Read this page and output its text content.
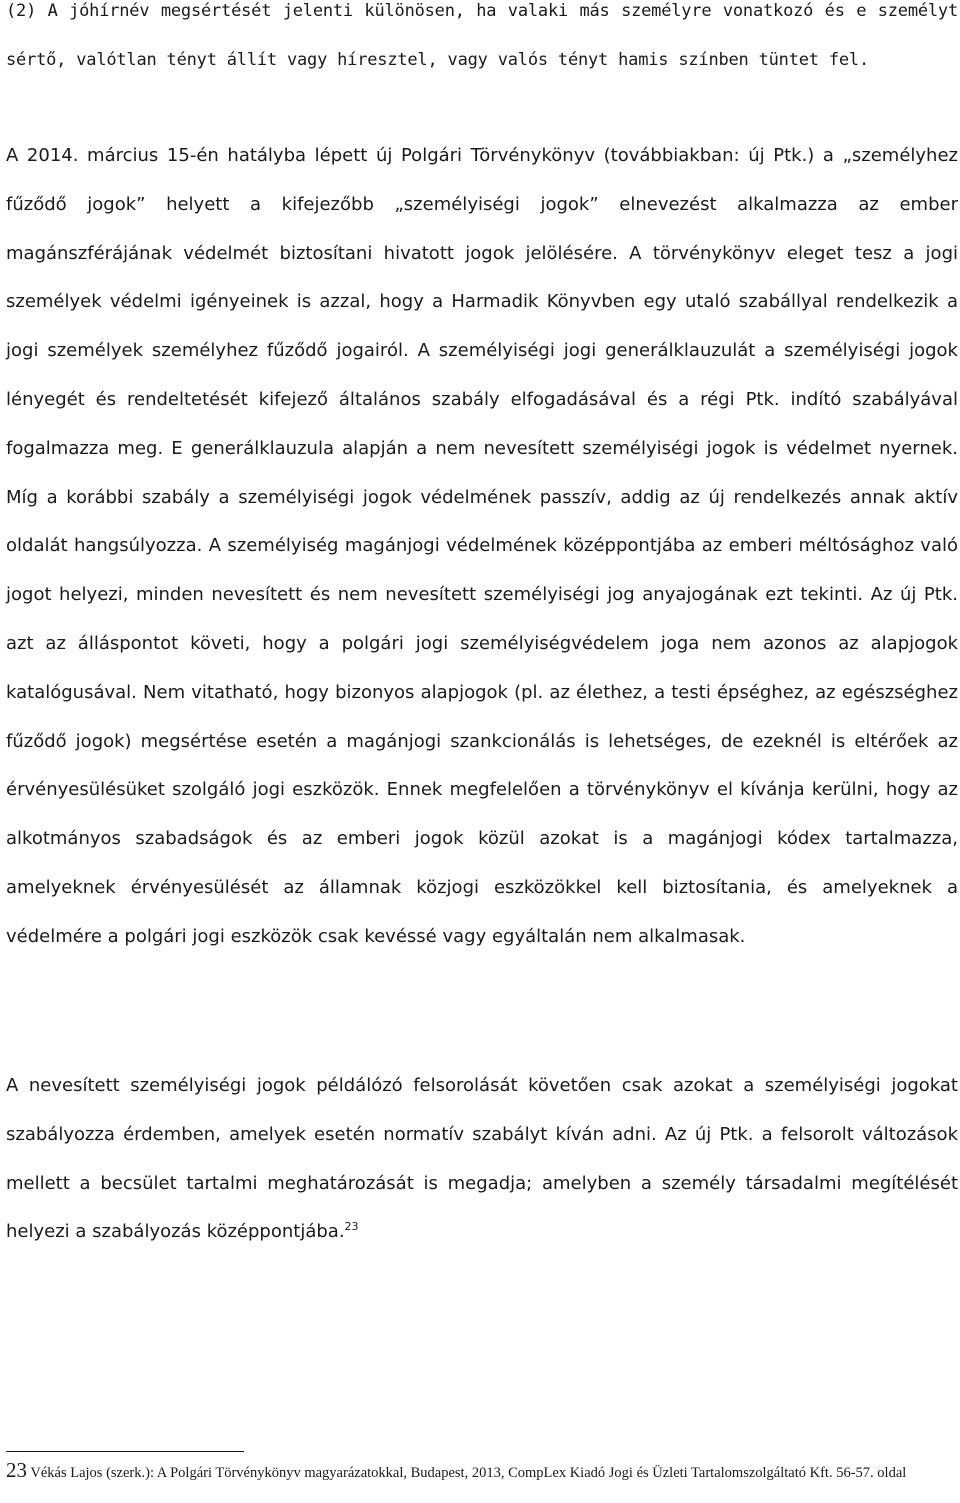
(2) A jóhírnév megsértését jelenti különösen, ha valaki más személyre vonatkozó és e személyt sértő, valótlan tényt állít vagy híresztel, vagy valós tényt hamis színben tüntet fel.

A 2014. március 15-én hatályba lépett új Polgári Törvénykönyv (továbbiakban: új Ptk.) a „személyhez fűződő jogok” helyett a kifejezőbb „személyiségi jogok” elnevezést alkalmazza az ember magánszférájának védelmét biztosítani hivatott jogok jelölésére. A törvénykönyv eleget tesz a jogi személyek védelmi igényeinek is azzal, hogy a Harmadik Könyvben egy utaló szabállyal rendelkezik a jogi személyek személyhez fűződő jogairól. A személyiségi jogi generálklauzulát a személyiségi jogok lényegét és rendeltetését kifejező általános szabály elfogadásával és a régi Ptk. indító szabályával fogalmazza meg. E generálklauzula alapján a nem nevesített személyiségi jogok is védelmet nyernek. Míg a korábbi szabály a személyiségi jogok védelmének passzív, addig az új rendelkezés annak aktív oldalát hangsúlyozza. A személyiség magánjogi védelmének középpontjába az emberi méltósághoz való jogot helyezi, minden nevesített és nem nevesített személyiségi jog anyajogának ezt tekinti. Az új Ptk. azt az álláspontot követi, hogy a polgári jogi személyiségvédelem joga nem azonos az alapjogok katalógusával. Nem vitatható, hogy bizonyos alapjogok (pl. az élethez, a testi épséghez, az egészséghez fűződő jogok) megsértése esetén a magánjogi szankcionálás is lehetséges, de ezeknél is eltérőek az érvényesülésüket szolgáló jogi eszközök. Ennek megfelelően a törvénykönyv el kívánja kerülni, hogy az alkotmányos szabadságok és az emberi jogok közül azokat is a magánjogi kódex tartalmazza, amelyeknek érvényesülését az államnak közjogi eszközökkel kell biztosítania, és amelyeknek a védelmére a polgári jogi eszközök csak kevéssé vagy egyáltalán nem alkalmasak.

A nevesített személyiségi jogok példálózó felsorolását követően csak azokat a személyiségi jogokat szabályozza érdemben, amelyek esetén normatív szabályt kíván adni. Az új Ptk. a felsorolt változások mellett a becsület tartalmi meghatározását is megadja; amelyben a személy társadalmi megítélését helyezi a szabályozás középpontjába.$^{23}$

23 Vékás Lajos (szerk.): A Polgári Törvénykönyv magyarázatokkal, Budapest, 2013, CompLex Kiadó Jogi és Üzleti Tartalomszolgáltató Kft. 56-57. oldal
